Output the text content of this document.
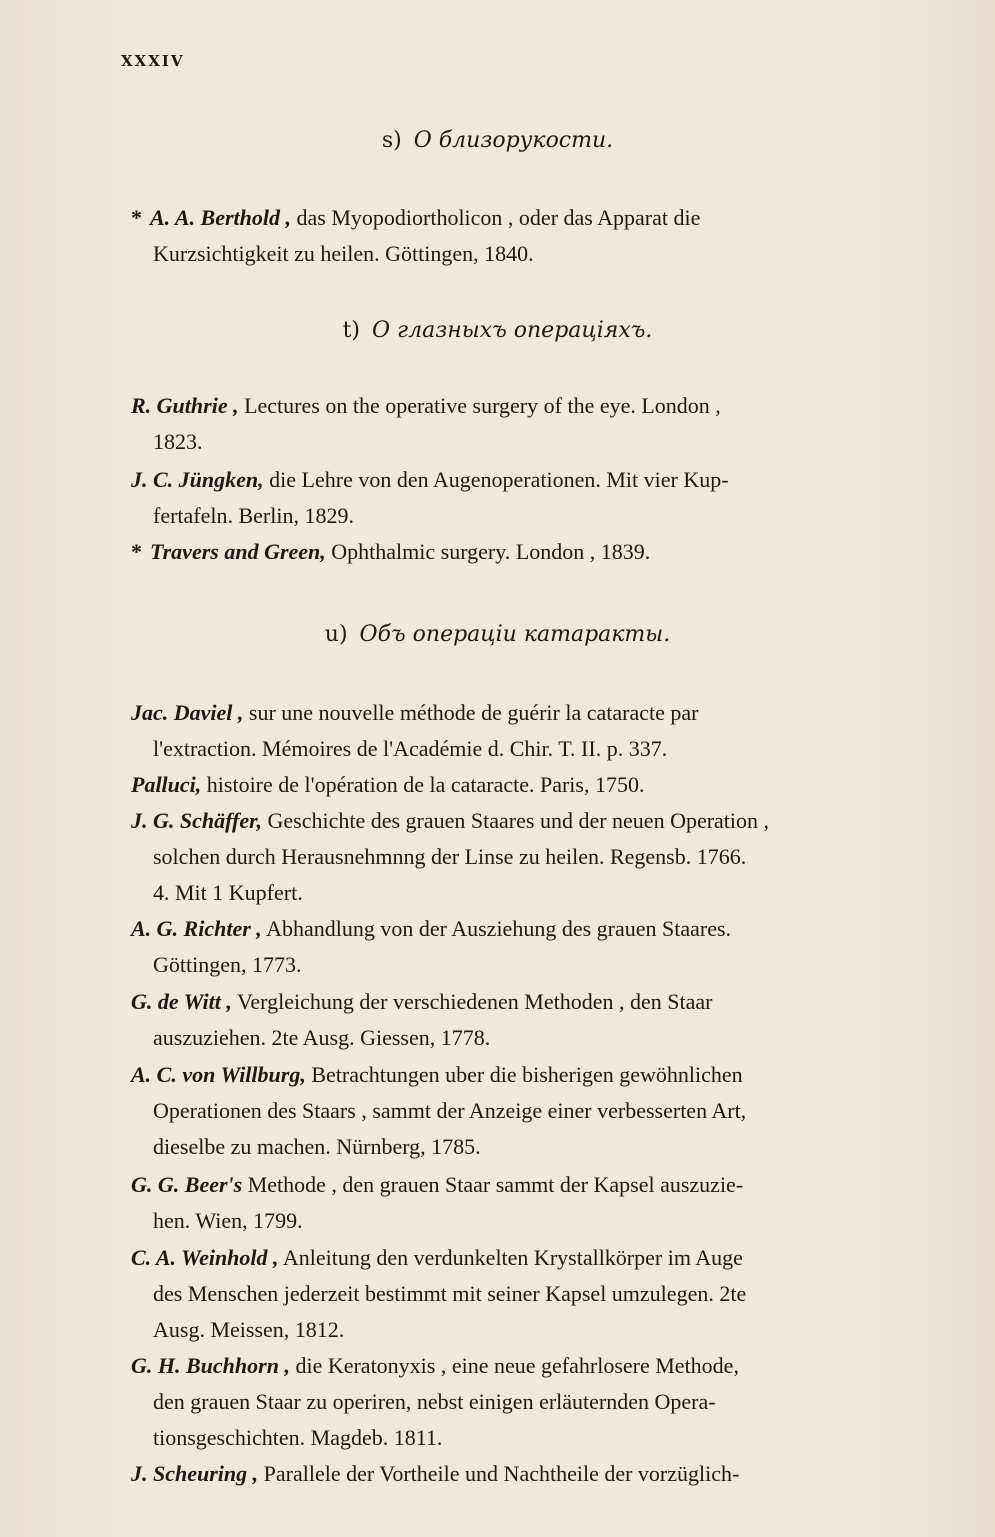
XXXIV
s) О близорукости.
* A. A. Berthold , das Myopodiortholicon , oder das Apparat die
Kurzsichtigkeit zu heilen. Göttingen, 1840.
t) О глазныхъ операціяхъ.
R. Guthrie , Lectures on the operative surgery of the eye. London ,
1823.
J. C. Jüngken, die Lehre von den Augenoperationen. Mit vier Kup-
fertafeln. Berlin, 1829.
* Travers and Green, Ophthalmic surgery. London , 1839.
u) Объ операціи катаракты.
Jac. Daviel , sur une nouvelle méthode de guérir la cataracte par
l'extraction. Mémoires de l'Académie d. Chir. T. II. p. 337.
Palluci, histoire de l'opération de la cataracte. Paris, 1750.
J. G. Schäffer, Geschichte des grauen Staares und der neuen Operation ,
solchen durch Herausnehmnng der Linse zu heilen. Regensb. 1766.
4. Mit 1 Kupfert.
A. G. Richter , Abhandlung von der Ausziehung des grauen Staares.
Göttingen, 1773.
G. de Witt , Vergleichung der verschiedenen Methoden , den Staar
auszuziehen. 2te Ausg. Giessen, 1778.
A. C. von Willburg, Betrachtungen uber die bisherigen gewöhnlichen
Operationen des Staars , sammt der Anzeige einer verbesserten Art,
dieselbe zu machen. Nürnberg, 1785.
G. G. Beer's Methode , den grauen Staar sammt der Kapsel auszuzie-
hen. Wien, 1799.
C. A. Weinhold , Anleitung den verdunkelten Krystallkörper im Auge
des Menschen jederzeit bestimmt mit seiner Kapsel umzulegen. 2te
Ausg. Meissen, 1812.
G. H. Buchhorn , die Keratonyxis , eine neue gefahrlosere Methode,
den grauen Staar zu operiren, nebst einigen erläuternden Opera-
tionsgeschichten. Magdeb. 1811.
J. Scheuring , Parallele der Vortheile und Nachtheile der vorzüglich-
